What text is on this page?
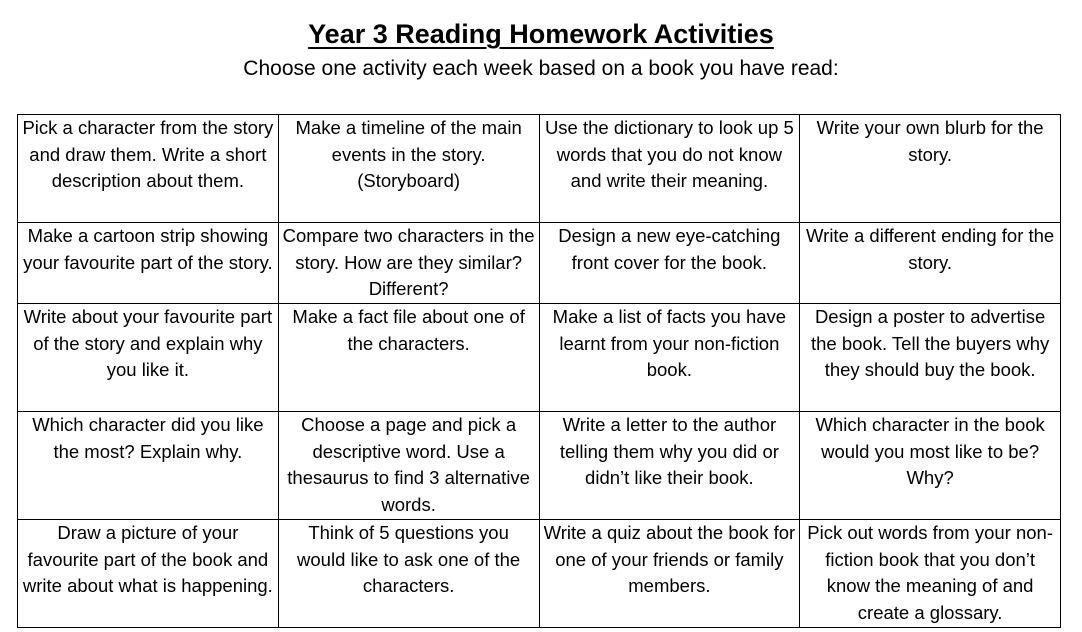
Year 3 Reading Homework Activities
Choose one activity each week based on a book you have read:
Pick a character from the story and draw them. Write a short description about them.	Make a timeline of the main events in the story. (Storyboard)	Use the dictionary to look up 5 words that you do not know and write their meaning.	Write your own blurb for the story.
Make a cartoon strip showing your favourite part of the story.	Compare two characters in the story. How are they similar? Different?	Design a new eye-catching front cover for the book.	Write a different ending for the story.
Write about your favourite part of the story and explain why you like it.	Make a fact file about one of the characters.	Make a list of facts you have learnt from your non-fiction book.	Design a poster to advertise the book. Tell the buyers why they should buy the book.
Which character did you like the most? Explain why.	Choose a page and pick a descriptive word. Use a thesaurus to find 3 alternative words.	Write a letter to the author telling them why you did or didn’t like their book.	Which character in the book would you most like to be? Why?
Draw a picture of your favourite part of the book and write about what is happening.	Think of 5 questions you would like to ask one of the characters.	Write a quiz about the book for one of your friends or family members.	Pick out words from your non-fiction book that you don’t know the meaning of and create a glossary.
